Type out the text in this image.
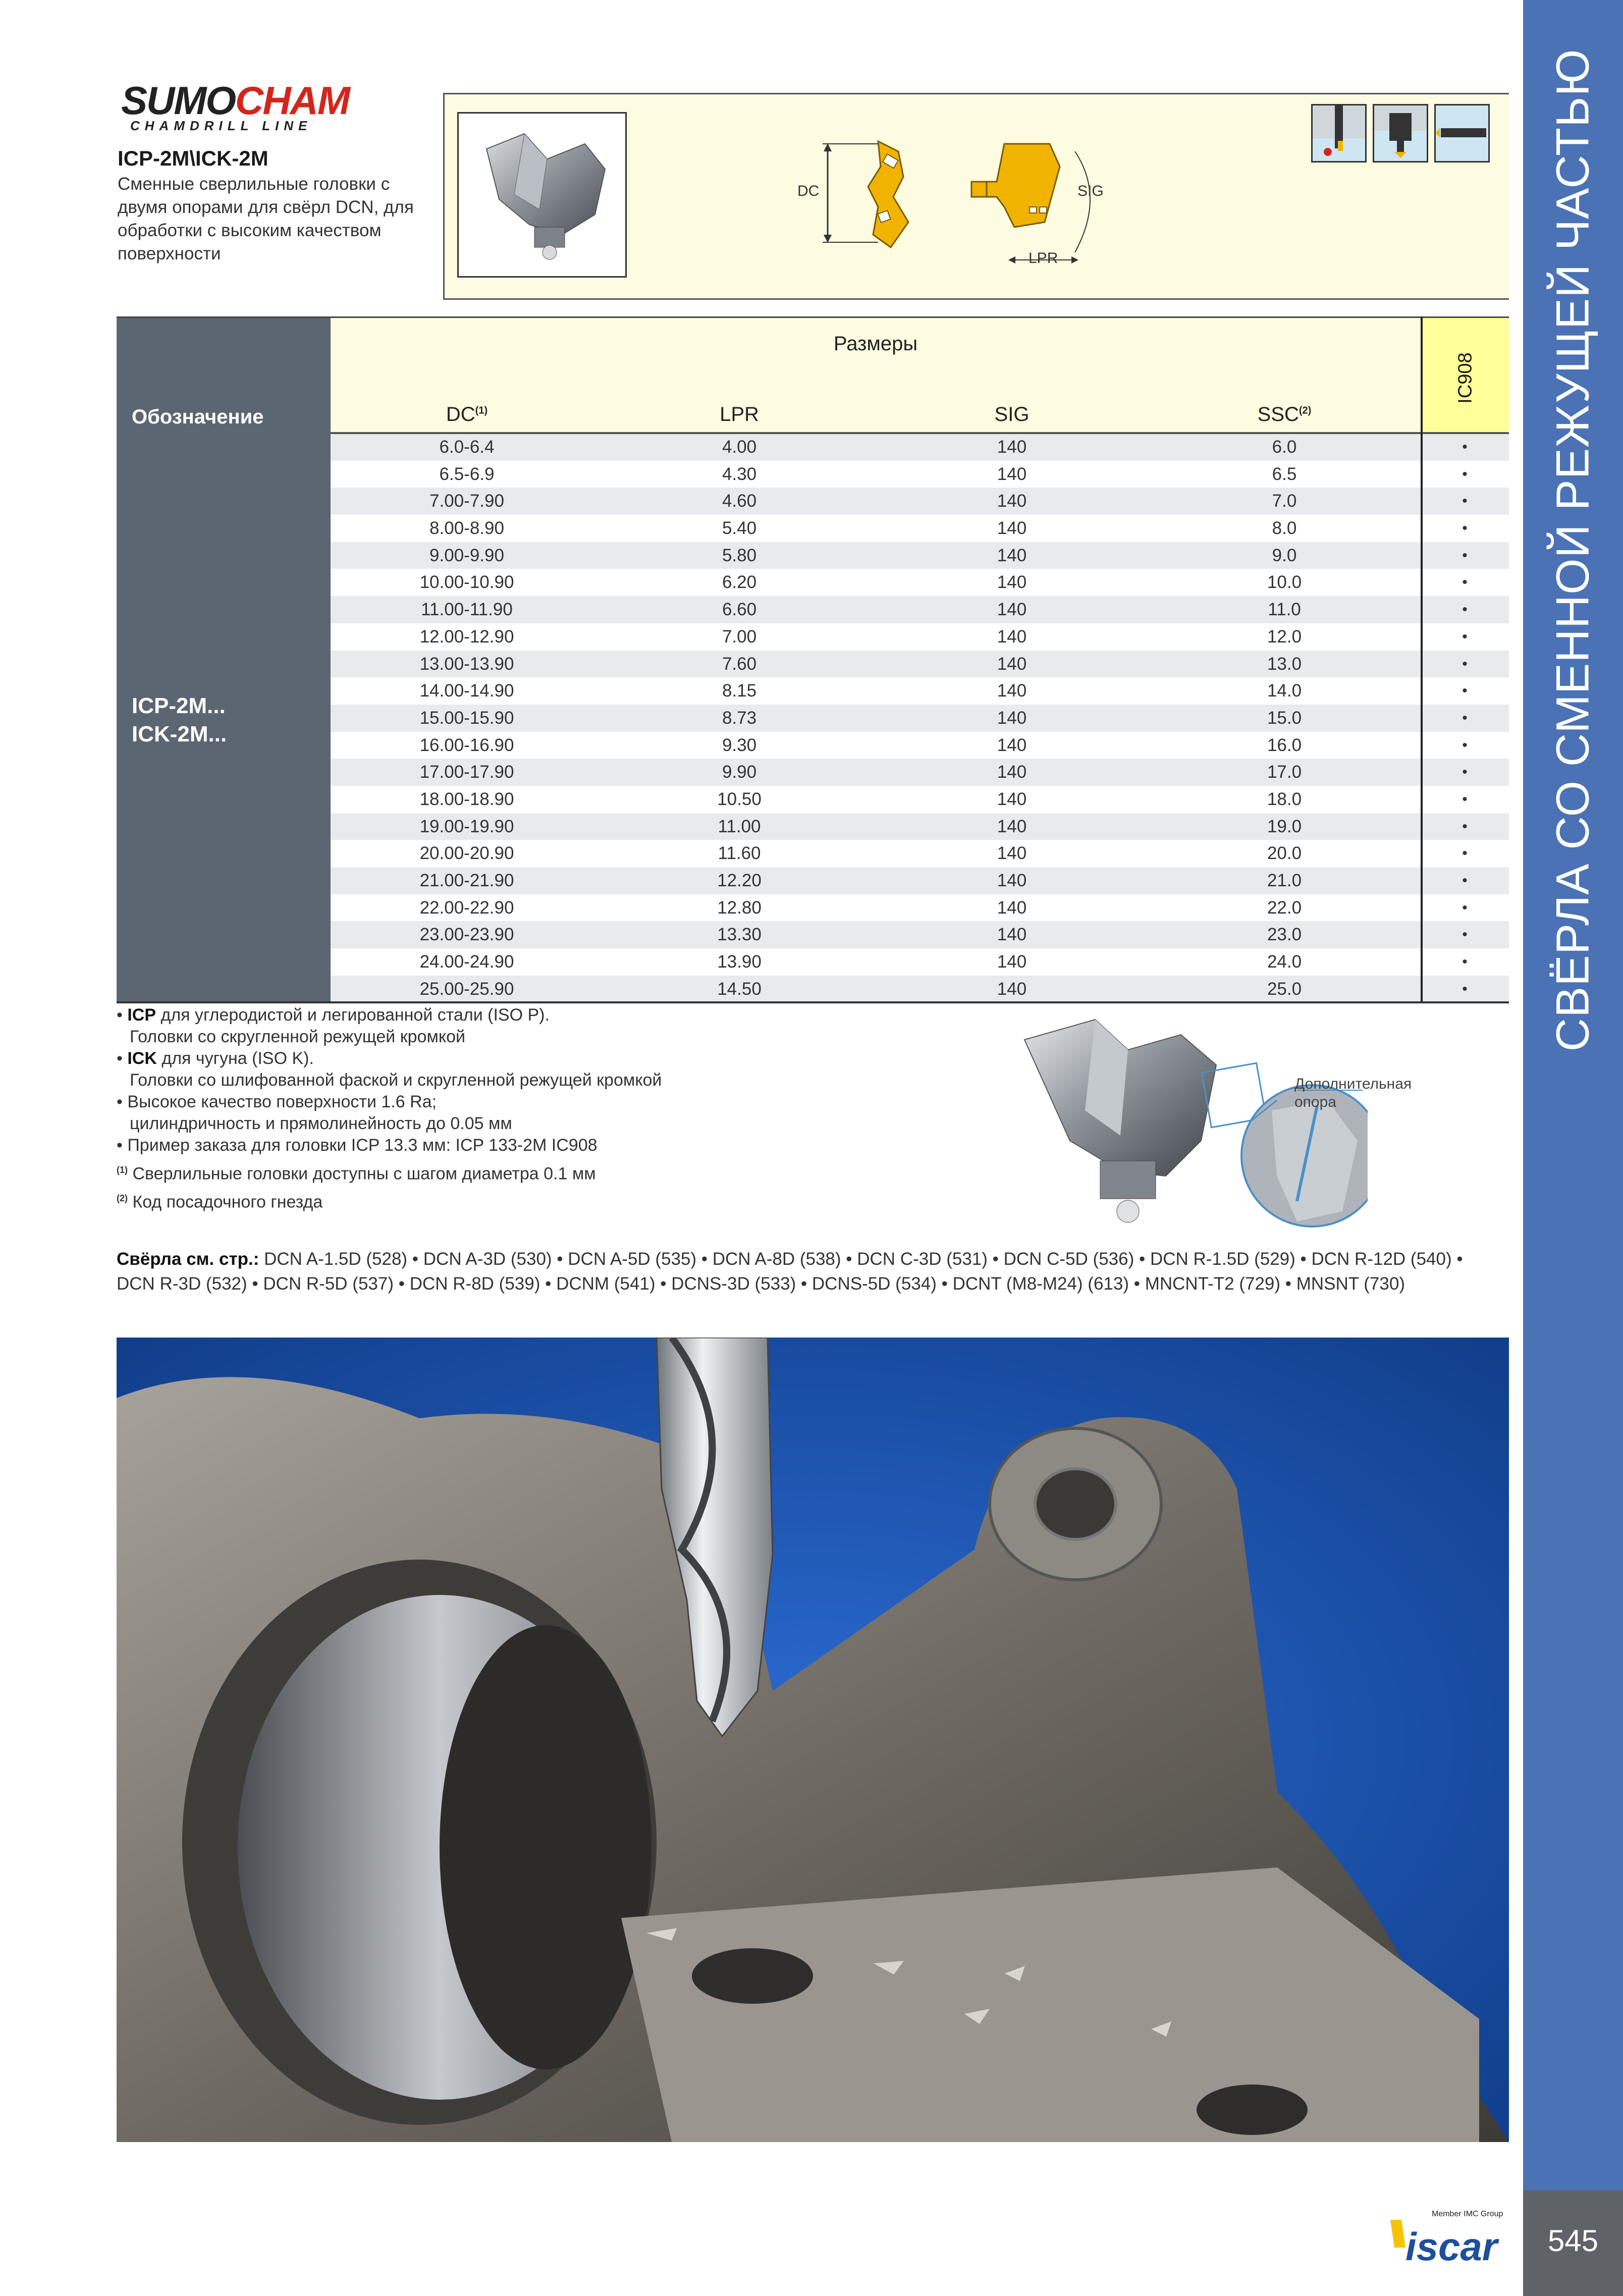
СВЁРЛА СО СМЕННОЙ РЕЖУЩЕЙ ЧАСТЬЮ
545
SUMOCHAM
CHAMDRILL LINE
ICP-2M\ICK-2M
Сменные сверлильные головки с двумя опорами для свёрл DCN, для обработки с высоким качеством поверхности
DC	SIG
LPR
Обозначение
Размеры
DC$^{(1)}$	LPR	SIG	SSC$^{(2)}$
IC908
ICP-2M...
ICK-2M...
6.0-6.4	4.00	140	6.0	•
6.5-6.9	4.30	140	6.5	•
7.00-7.90	4.60	140	7.0	•
8.00-8.90	5.40	140	8.0	•
9.00-9.90	5.80	140	9.0	•
10.00-10.90	6.20	140	10.0	•
11.00-11.90	6.60	140	11.0	•
12.00-12.90	7.00	140	12.0	•
13.00-13.90	7.60	140	13.0	•
14.00-14.90	8.15	140	14.0	•
15.00-15.90	8.73	140	15.0	•
16.00-16.90	9.30	140	16.0	•
17.00-17.90	9.90	140	17.0	•
18.00-18.90	10.50	140	18.0	•
19.00-19.90	11.00	140	19.0	•
20.00-20.90	11.60	140	20.0	•
21.00-21.90	12.20	140	21.0	•
22.00-22.90	12.80	140	22.0	•
23.00-23.90	13.30	140	23.0	•
24.00-24.90	13.90	140	24.0	•
25.00-25.90	14.50	140	25.0	•
• ICP для углеродистой и легированной стали (ISO P).
Головки со скругленной режущей кромкой
• ICK для чугуна (ISO K).
Головки со шлифованной фаской и скругленной режущей кромкой
• Высокое качество поверхности 1.6 Ra;
цилиндричность и прямолинейность до 0.05 мм
• Пример заказа для головки ICP 13.3 мм: ICP 133-2M IC908
$^{(1)}$ Сверлильные головки доступны с шагом диаметра 0.1 мм
$^{(2)}$ Код посадочного гнезда
Дополнительная
опора
Свёрла см. стр.: DCN A-1.5D (528) • DCN A-3D (530) • DCN A-5D (535) • DCN A-8D (538) • DCN C-3D (531) • DCN C-5D (536) • DCN R-1.5D (529) • DCN R-12D (540) • DCN R-3D (532) • DCN R-5D (537) • DCN R-8D (539) • DCNM (541) • DCNS-3D (533) • DCNS-5D (534) • DCNT (M8-M24) (613) • MNCNT-T2 (729) • MNSNT (730)
Member IMC Group
iscar
